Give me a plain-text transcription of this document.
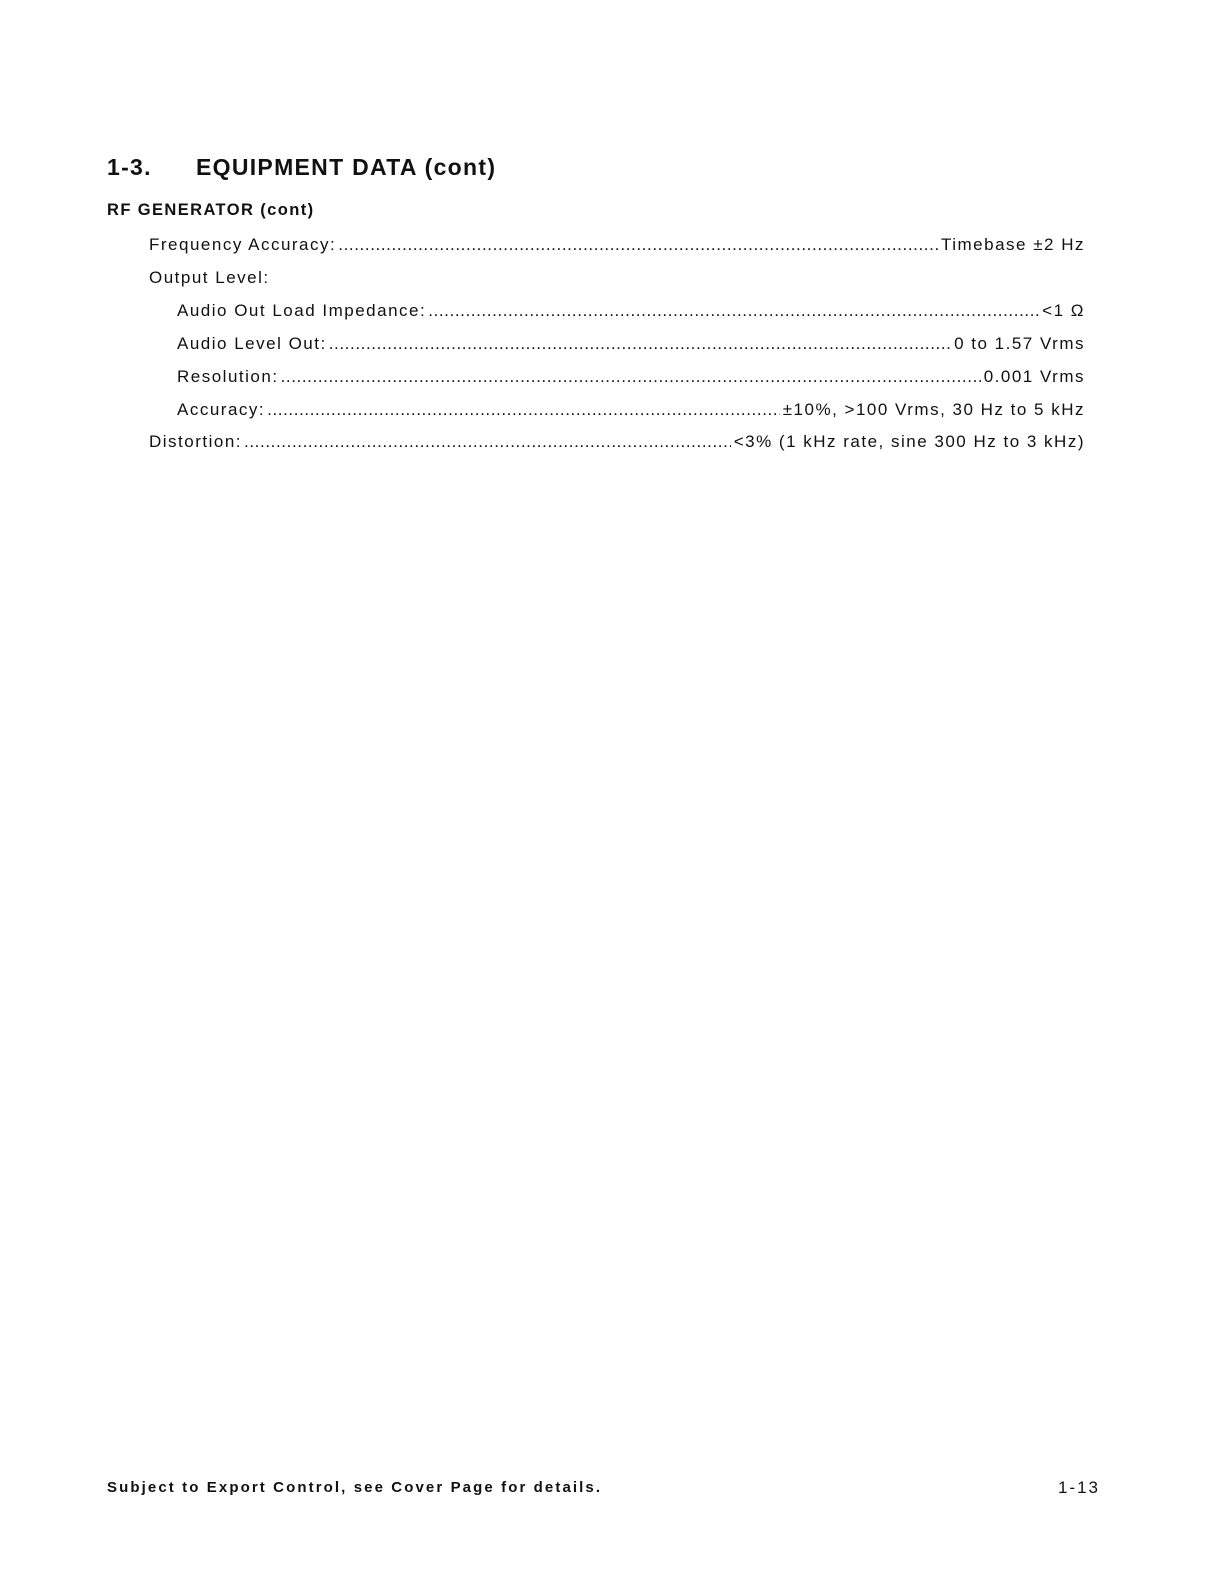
1-3. EQUIPMENT DATA (cont)
RF GENERATOR (cont)
Frequency Accuracy: .....	Timebase ±2 Hz
Output Level:
Audio Out Load Impedance: .....	<1 Ω
Audio Level Out: .....	0 to 1.57 Vrms
Resolution: .....	0.001 Vrms
Accuracy: .....	±10%, >100 Vrms, 30 Hz to 5 kHz
Distortion: .....	<3% (1 kHz rate, sine 300 Hz to 3 kHz)
Subject to Export Control, see Cover Page for details.	1-13
